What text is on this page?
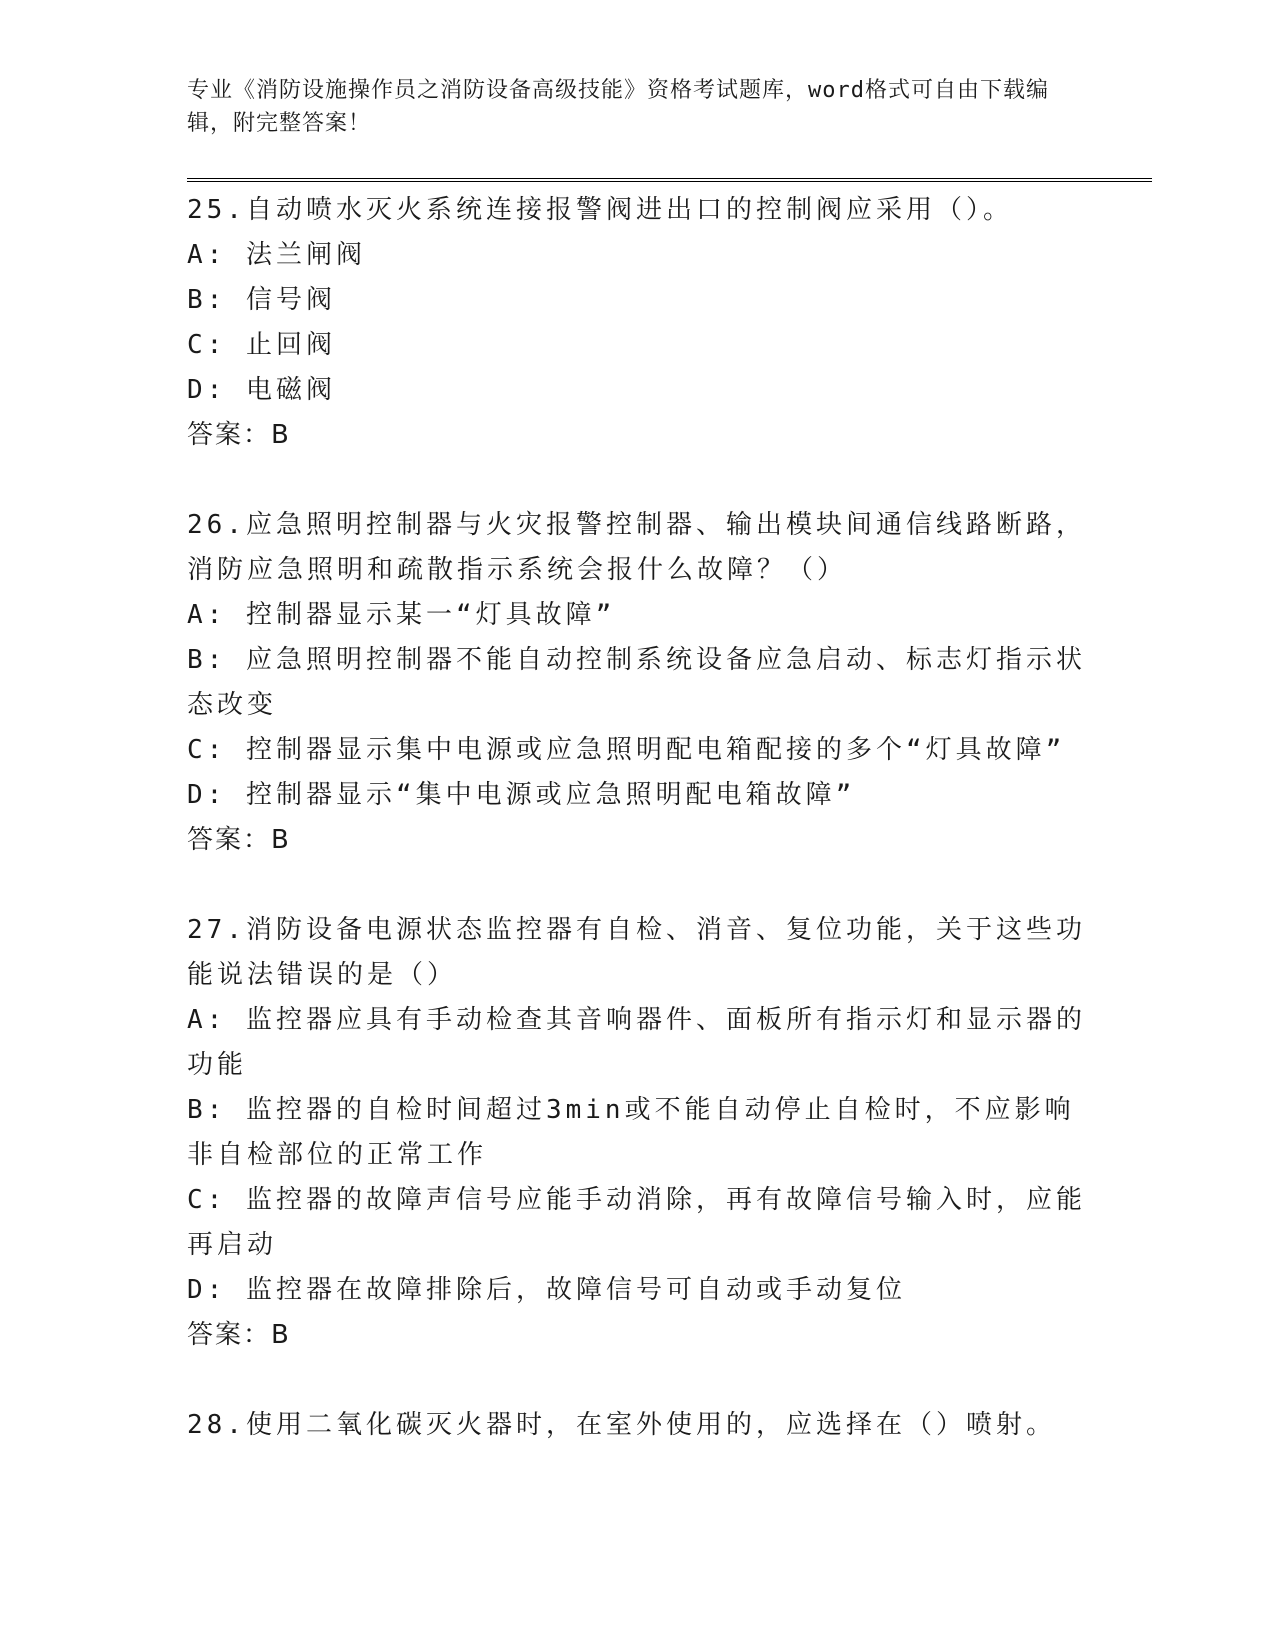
专业《消防设施操作员之消防设备高级技能》资格考试题库，word格式可自由下载编辑，附完整答案！

25.自动喷水灭火系统连接报警阀进出口的控制阀应采用（）。

A: 法兰闸阀

B: 信号阀

C: 止回阀

D: 电磁阀

答案：B

26.应急照明控制器与火灾报警控制器、输出模块间通信线路断路，消防应急照明和疏散指示系统会报什么故障？（）

A: 控制器显示某一“灯具故障”

B: 应急照明控制器不能自动控制系统设备应急启动、标志灯指示状态改变

C: 控制器显示集中电源或应急照明配电箱配接的多个“灯具故障”

D: 控制器显示“集中电源或应急照明配电箱故障”

答案：B

27.消防设备电源状态监控器有自检、消音、复位功能，关于这些功能说法错误的是（）

A: 监控器应具有手动检查其音响器件、面板所有指示灯和显示器的功能

B: 监控器的自检时间超过3min或不能自动停止自检时，不应影响非自检部位的正常工作

C: 监控器的故障声信号应能手动消除，再有故障信号输入时，应能再启动

D: 监控器在故障排除后，故障信号可自动或手动复位

答案：B

28.使用二氧化碳灭火器时，在室外使用的，应选择在（）喷射。
